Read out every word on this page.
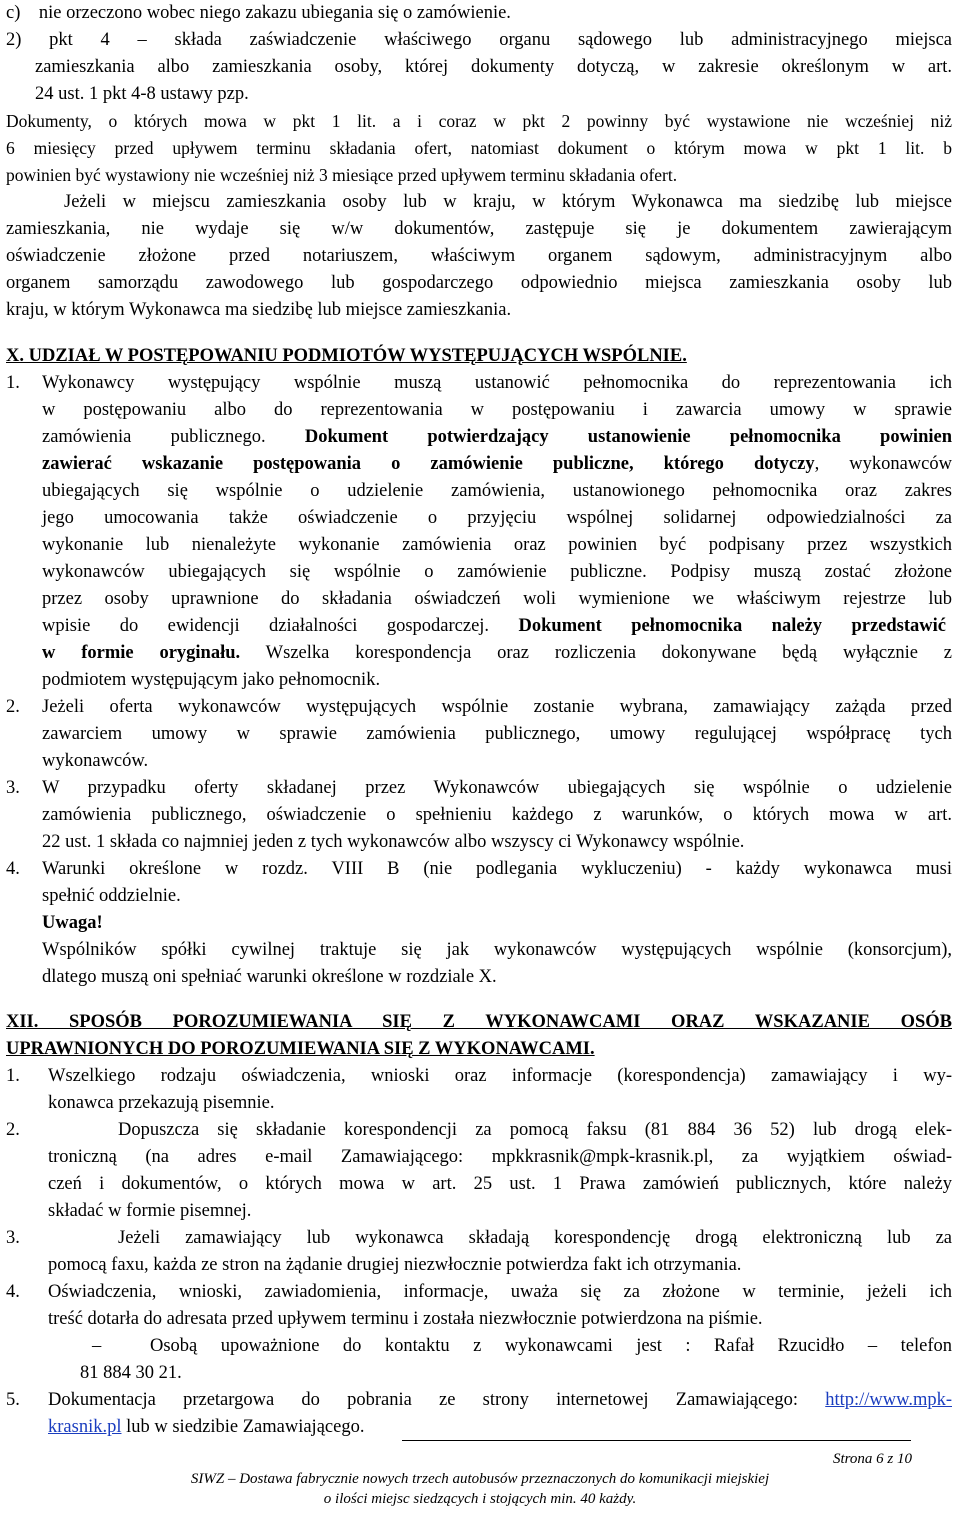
c) nie orzeczono wobec niego zakazu ubiegania się o zamówienie.
2) pkt 4 – składa zaświadczenie właściwego organu sądowego lub administracyjnego miejsca
zamieszkania albo zamieszkania osoby, której dokumenty dotyczą, w zakresie określonym w art.
24 ust. 1 pkt 4-8 ustawy pzp.
Dokumenty, o których mowa w pkt 1 lit. a i coraz w pkt 2 powinny być wystawione nie wcześniej niż
6 miesięcy przed upływem terminu składania ofert, natomiast dokument o którym mowa w pkt 1 lit. b
powinien być wystawiony nie wcześniej niż 3 miesiące przed upływem terminu składania ofert.
Jeżeli w miejscu zamieszkania osoby lub w kraju, w którym Wykonawca ma siedzibę lub miejsce
zamieszkania, nie wydaje się w/w dokumentów, zastępuje się je dokumentem zawierającym
oświadczenie złożone przed notariuszem, właściwym organem sądowym, administracyjnym albo
organem samorządu zawodowego lub gospodarczego odpowiednio miejsca zamieszkania osoby lub
kraju, w którym Wykonawca ma siedzibę lub miejsce zamieszkania.
X. UDZIAŁ W POSTĘPOWANIU PODMIOTÓW WYSTĘPUJĄCYCH WSPÓLNIE.
1. Wykonawcy występujący wspólnie muszą ustanowić pełnomocnika do reprezentowania ich
w postępowaniu albo do reprezentowania w postępowaniu i zawarcia umowy w sprawie
zamówienia publicznego. Dokument potwierdzający ustanowienie pełnomocnika powinien
zawierać wskazanie postępowania o zamówienie publiczne, którego dotyczy, wykonawców
ubiegających się wspólnie o udzielenie zamówienia, ustanowionego pełnomocnika oraz zakres
jego umocowania także oświadczenie o przyjęciu wspólnej solidarnej odpowiedzialności za
wykonanie lub nienależyte wykonanie zamówienia oraz powinien być podpisany przez wszystkich
wykonawców ubiegających się wspólnie o zamówienie publiczne. Podpisy muszą zostać złożone
przez osoby uprawnione do składania oświadczeń woli wymienione we właściwym rejestrze lub
wpisie do ewidencji działalności gospodarczej. Dokument pełnomocnika należy przedstawić
w formie oryginału. Wszelka korespondencja oraz rozliczenia dokonywane będą wyłącznie z
podmiotem występującym jako pełnomocnik.
2. Jeżeli oferta wykonawców występujących wspólnie zostanie wybrana, zamawiający zażąda przed
zawarciem umowy w sprawie zamówienia publicznego, umowy regulującej współpracę tych
wykonawców.
3. W przypadku oferty składanej przez Wykonawców ubiegających się wspólnie o udzielenie
zamówienia publicznego, oświadczenie o spełnieniu każdego z warunków, o których mowa w art.
22 ust. 1 składa co najmniej jeden z tych wykonawców albo wszyscy ci Wykonawcy wspólnie.
4. Warunki określone w rozdz. VIII B (nie podlegania wykluczeniu) - każdy wykonawca musi
spełnić oddzielnie.
Uwaga!
Wspólników spółki cywilnej traktuje się jak wykonawców występujących wspólnie (konsorcjum),
dlatego muszą oni spełniać warunki określone w rozdziale X.
XII. SPOSÓB POROZUMIEWANIA SIĘ Z WYKONAWCAMI ORAZ WSKAZANIE OSÓB
UPRAWNIONYCH DO POROZUMIEWANIA SIĘ Z WYKONAWCAMI.
1. Wszelkiego rodzaju oświadczenia, wnioski oraz informacje (korespondencja) zamawiający i wy-
konawca przekazują pisemnie.
2.	Dopuszcza się składanie korespondencji za pomocą faksu (81 884 36 52) lub drogą elek-
troniczną (na adres e-mail Zamawiającego: mpkkrasnik@mpk-krasnik.pl, za wyjątkiem oświad-
czeń i dokumentów, o których mowa w art. 25 ust. 1 Prawa zamówień publicznych, które należy
składać w formie pisemnej.
3.	Jeżeli zamawiający lub wykonawca składają korespondencję drogą elektroniczną lub za
pomocą faxu, każda ze stron na żądanie drugiej niezwłocznie potwierdza fakt ich otrzymania.
4. Oświadczenia, wnioski, zawiadomienia, informacje, uważa się za złożone w terminie, jeżeli ich
treść dotarła do adresata przed upływem terminu i została niezwłocznie potwierdzona na piśmie.
–	Osobą upoważnione do kontaktu z wykonawcami jest : Rafał Rzucidło – telefon
81 884 30 21.
5. Dokumentacja przetargowa do pobrania ze strony internetowej Zamawiającego: http://www.mpk-
krasnik.pl lub w siedzibie Zamawiającego.
Strona 6 z 10
SIWZ – Dostawa fabrycznie nowych trzech autobusów przeznaczonych do komunikacji miejskiej
o ilości miejsc siedzących i stojących min. 40 każdy.
